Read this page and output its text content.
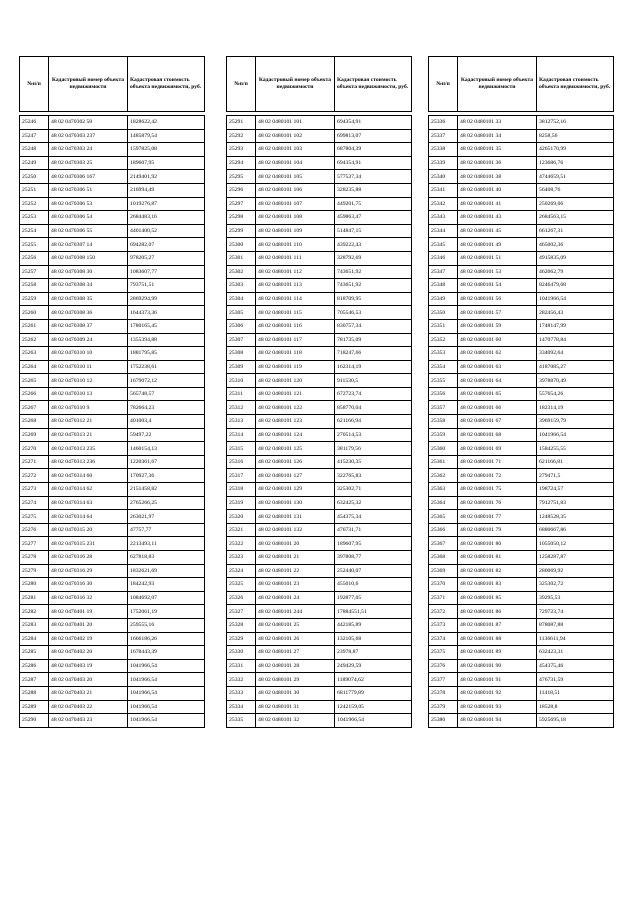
№п/п	Кадастровый номер объекта недвижимости	Кадастровая стоимость объекта недвижимости, руб.

25246	48 02 0470302 50	1828622,42
25247	48 02 0470303 237	1485879,54
25248	48 02 0470303 24	1597825,08
25249	48 02 0470303 25	189607,95
25250	48 02 0470306 167	2149401,92
25251	48 02 0470306 51	216994,49
25252	48 02 0470306 53	1019276,87
25253	48 02 0470306 54	2684483,16
25254	48 02 0470306 55	4401400,52
25255	48 02 0470307 14	694282,07
25256	48 02 0470308 150	978205,27
25257	48 02 0470308 30	1083607,77
25258	48 02 0470308 34	793751,51
25259	48 02 0470308 35	2869294,99
25260	48 02 0470308 36	1644373,36
25261	48 02 0470308 37	1780165,45
25262	48 02 0470309 24	1355394,88
25263	48 02 0470310 10	1881795,85
25264	48 02 0470310 11	1752238,61
25265	48 02 0470310 12	1679072,12
25266	48 02 0470310 13	565748,57
25267	48 02 0470310 9	782664,23
25268	48 02 0470312 21	401003,4
25269	48 02 0470313 21	59497,22
25270	48 02 0470313 235	1460154,13
25271	48 02 0470313 236	1220361,67
25272	48 02 0470314 60	170927,36
25273	48 02 0470314 62	2151458,82
25274	48 02 0470314 63	2765266,25
25275	48 02 0470314 64	263021,97
25276	48 02 0470315 20	47757,77
25277	48 02 0470315 231	2213493,11
25278	48 02 0470316 28	627818,83
25279	48 02 0470316 29	1832621,69
25280	48 02 0470316 30	184242,93
25281	48 02 0470316 32	1084692,07
25282	48 02 0470401 19	1752061,19
25283	48 02 0470401 20	259555,16
25284	48 02 0470402 19	1666186,26
25285	48 02 0470402 20	1678443,39
25286	48 02 0470403 19	1041966,54
25287	48 02 0470403 20	1041966,54
25288	48 02 0470403 21	1041966,54
25289	48 02 0470403 22	1041966,54
25290	48 02 0470403 23	1041966,54
№п/п	Кадастровый номер объекта недвижимости	Кадастровая стоимость объекта недвижимости, руб.

25291	48 02 0480101 101	694354,91
25292	48 02 0480101 102	699813,07
25293	48 02 0480101 103	687804,39
25294	48 02 0480101 104	694354,91
25295	48 02 0480101 105	577537,34
25296	48 02 0480101 106	328235,88
25297	48 02 0480101 107	449201,75
25298	48 02 0480101 108	459863,47
25299	48 02 0480101 109	514847,15
25300	48 02 0480101 110	439222,43
25301	48 02 0480101 111	328792,69
25302	48 02 0480101 112	743651,92
25303	48 02 0480101 113	743651,92
25304	48 02 0480101 114	818709,95
25305	48 02 0480101 115	705546,53
25306	48 02 0480101 116	830757,34
25307	48 02 0480101 117	781735,09
25308	48 02 0480101 118	718247,66
25309	48 02 0480101 119	162314,19
25310	48 02 0480101 120	911530,5
25311	48 02 0480101 121	672723,74
25312	48 02 0480101 122	858770,04
25313	48 02 0480101 123	621166,94
25314	48 02 0480101 124	270514,53
25315	48 02 0480101 125	381179,56
25316	48 02 0480101 126	415230,35
25317	48 02 0480101 127	322765,83
25318	48 02 0480101 129	325302,71
25319	48 02 0480101 130	632425,32
25320	48 02 0480101 131	454375,34
25321	48 02 0480101 132	476731,71
25322	48 02 0480101 20	189607,95
25323	48 02 0480101 21	397808,77
25324	48 02 0480101 22	252440,07
25325	48 02 0480101 23	455010,6
25326	48 02 0480101 24	192877,05
25327	48 02 0480101 244	17884551,51
25328	48 02 0480101 25	442185,89
25329	48 02 0480101 26	132105,68
25330	48 02 0480101 27	23978,87
25331	48 02 0480101 28	249429,59
25332	48 02 0480101 29	1189074,62
25333	48 02 0480101 30	6811779,89
25334	48 02 0480101 31	1242159,05
25335	48 02 0480101 32	1041966,54
№п/п	Кадастровый номер объекта недвижимости	Кадастровая стоимость объекта недвижимости, руб.

25336	48 02 0480101 33	3812752,16
25337	48 02 0480101 34	8258,56
25338	48 02 0480101 35	4265170,99
25339	48 02 0480101 36	123686,76
25340	48 02 0480101 38	4744659,51
25341	48 02 0480101 40	56408,76
25342	48 02 0480101 41	250269,06
25343	48 02 0480101 43	2684563,15
25344	48 02 0480101 45	661267,31
25345	48 02 0480101 49	465002,36
25346	48 02 0480101 51	4915835,09
25347	48 02 0480101 53	462062,79
25348	48 02 0480101 54	8246479,68
25349	48 02 0480101 56	1041966,54
25350	48 02 0480101 57	282456,43
25351	48 02 0480101 59	1748147,99
25352	48 02 0480101 60	1470778,84
25353	48 02 0480101 62	334092,64
25354	48 02 0480101 63	4187085,27
25355	48 02 0480101 64	3978870,49
25356	48 02 0480101 65	557654,26
25357	48 02 0480101 66	182314,19
25358	48 02 0480101 67	3969159,79
25359	48 02 0480101 68	1041966,54
25360	48 02 0480101 69	1584255,55
25361	48 02 0480101 71	621166,81
25362	48 02 0480101 72	279471,5
25363	48 02 0480101 75	198724,57
25364	48 02 0480101 76	7912751,83
25365	48 02 0480101 77	1248528,35
25366	48 02 0480101 79	6880667,86
25367	48 02 0480101 80	1055050,12
25368	48 02 0480101 81	1258287,87
25369	48 02 0480101 82	280069,92
25370	48 02 0480101 83	325302,72
25371	48 02 0480101 85	39295,53
25372	48 02 0480101 86	729723,74
25373	48 02 0480101 87	878087,88
25374	48 02 0480101 88	1136611,94
25375	48 02 0480101 89	632423,31
25376	48 02 0480101 90	454375,46
25377	48 02 0480101 91	476731,59
25378	48 02 0480101 92	11418,51
25379	48 02 0480101 93	18528,8
25380	48 02 0480101 94	5925695,18
